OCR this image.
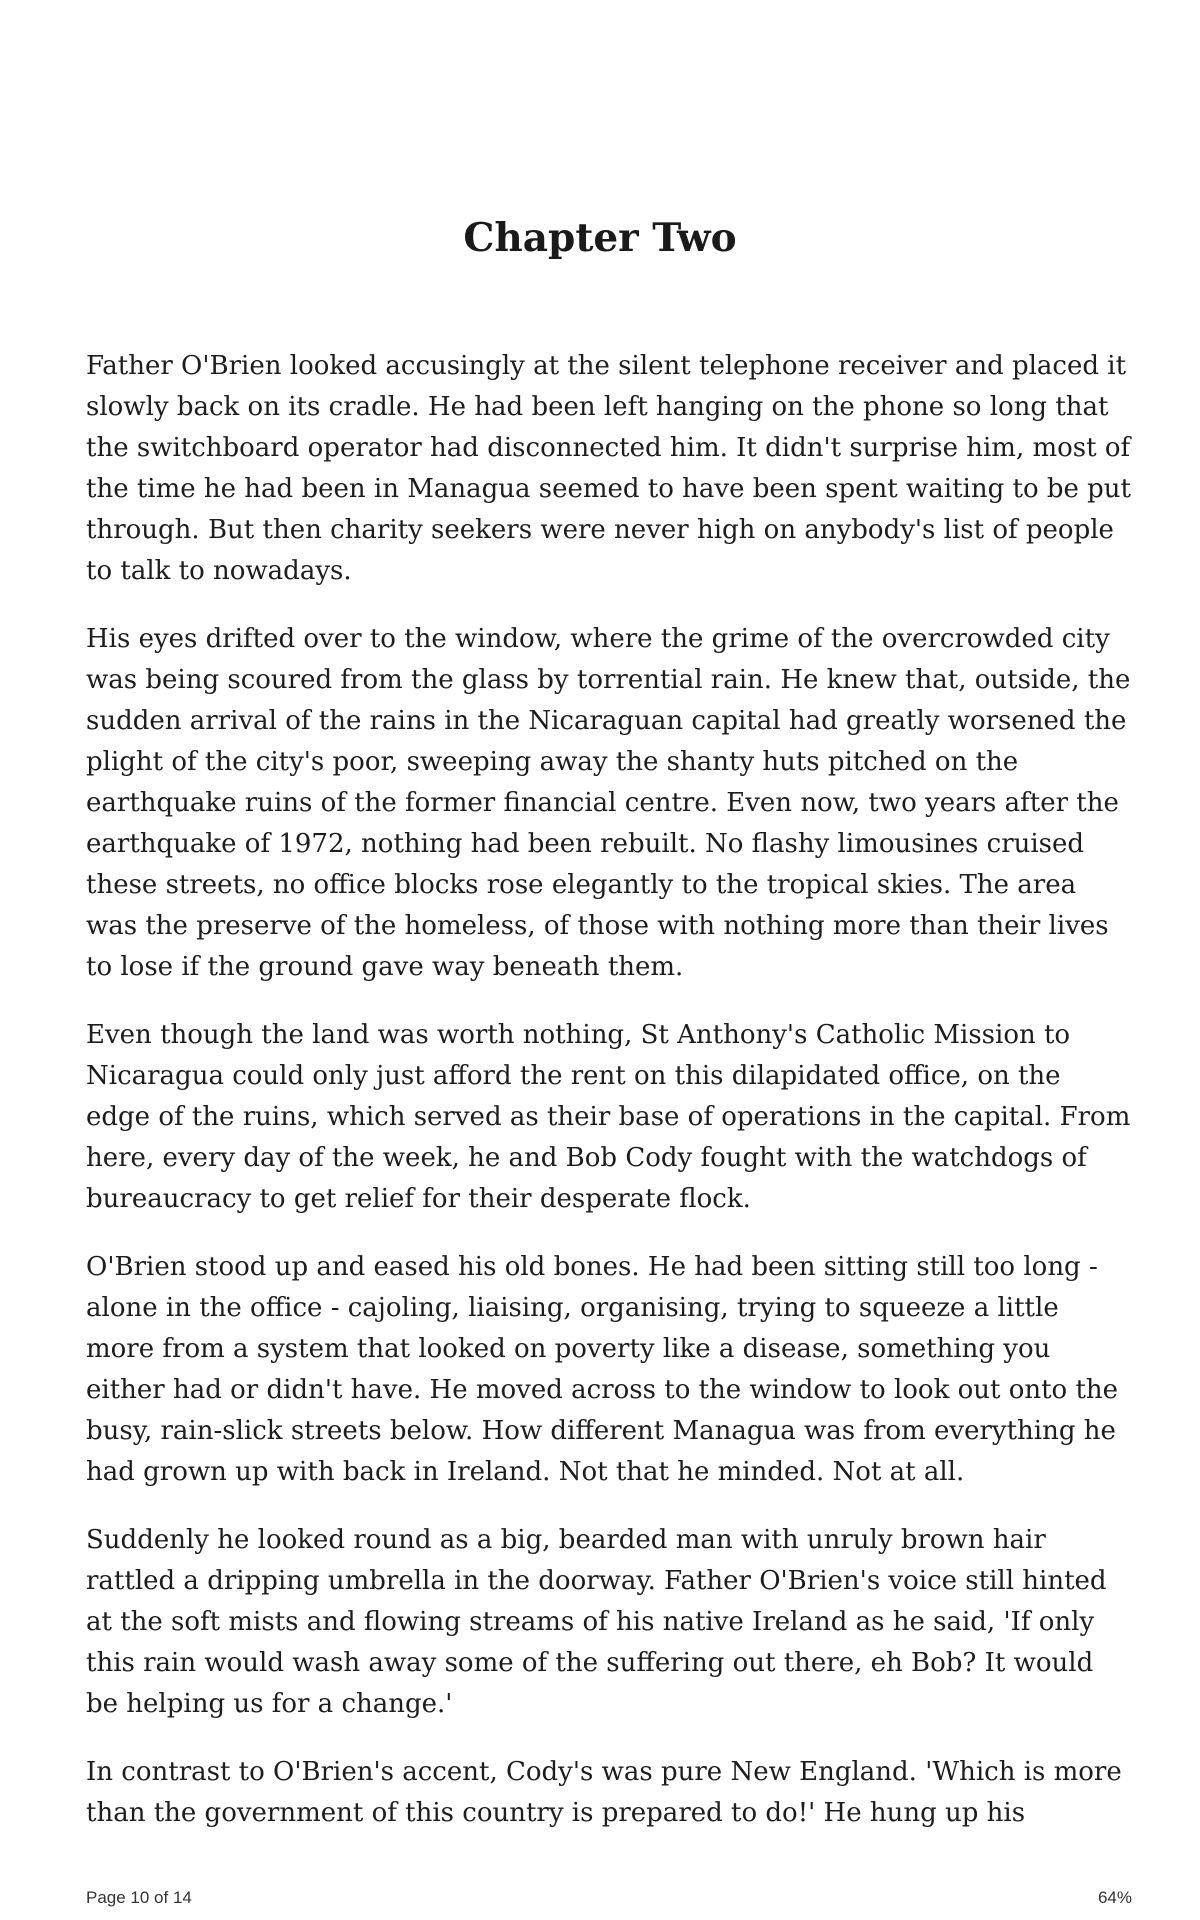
Chapter Two

Father O'Brien looked accusingly at the silent telephone receiver and placed it slowly back on its cradle. He had been left hanging on the phone so long that the switchboard operator had disconnected him. It didn't surprise him, most of the time he had been in Managua seemed to have been spent waiting to be put through. But then charity seekers were never high on anybody's list of people to talk to nowadays.

His eyes drifted over to the window, where the grime of the overcrowded city was being scoured from the glass by torrential rain. He knew that, outside, the sudden arrival of the rains in the Nicaraguan capital had greatly worsened the plight of the city's poor, sweeping away the shanty huts pitched on the earthquake ruins of the former financial centre. Even now, two years after the earthquake of 1972, nothing had been rebuilt. No flashy limousines cruised these streets, no office blocks rose elegantly to the tropical skies. The area was the preserve of the homeless, of those with nothing more than their lives to lose if the ground gave way beneath them.

Even though the land was worth nothing, St Anthony's Catholic Mission to Nicaragua could only just afford the rent on this dilapidated office, on the edge of the ruins, which served as their base of operations in the capital. From here, every day of the week, he and Bob Cody fought with the watchdogs of bureaucracy to get relief for their desperate flock.

O'Brien stood up and eased his old bones. He had been sitting still too long - alone in the office - cajoling, liaising, organising, trying to squeeze a little more from a system that looked on poverty like a disease, something you either had or didn't have. He moved across to the window to look out onto the busy, rain-slick streets below. How different Managua was from everything he had grown up with back in Ireland. Not that he minded. Not at all.

Suddenly he looked round as a big, bearded man with unruly brown hair rattled a dripping umbrella in the doorway. Father O'Brien's voice still hinted at the soft mists and flowing streams of his native Ireland as he said, 'If only this rain would wash away some of the suffering out there, eh Bob? It would be helping us for a change.'

In contrast to O'Brien's accent, Cody's was pure New England. 'Which is more than the government of this country is prepared to do!' He hung up his

Page 10 of 14	64%
